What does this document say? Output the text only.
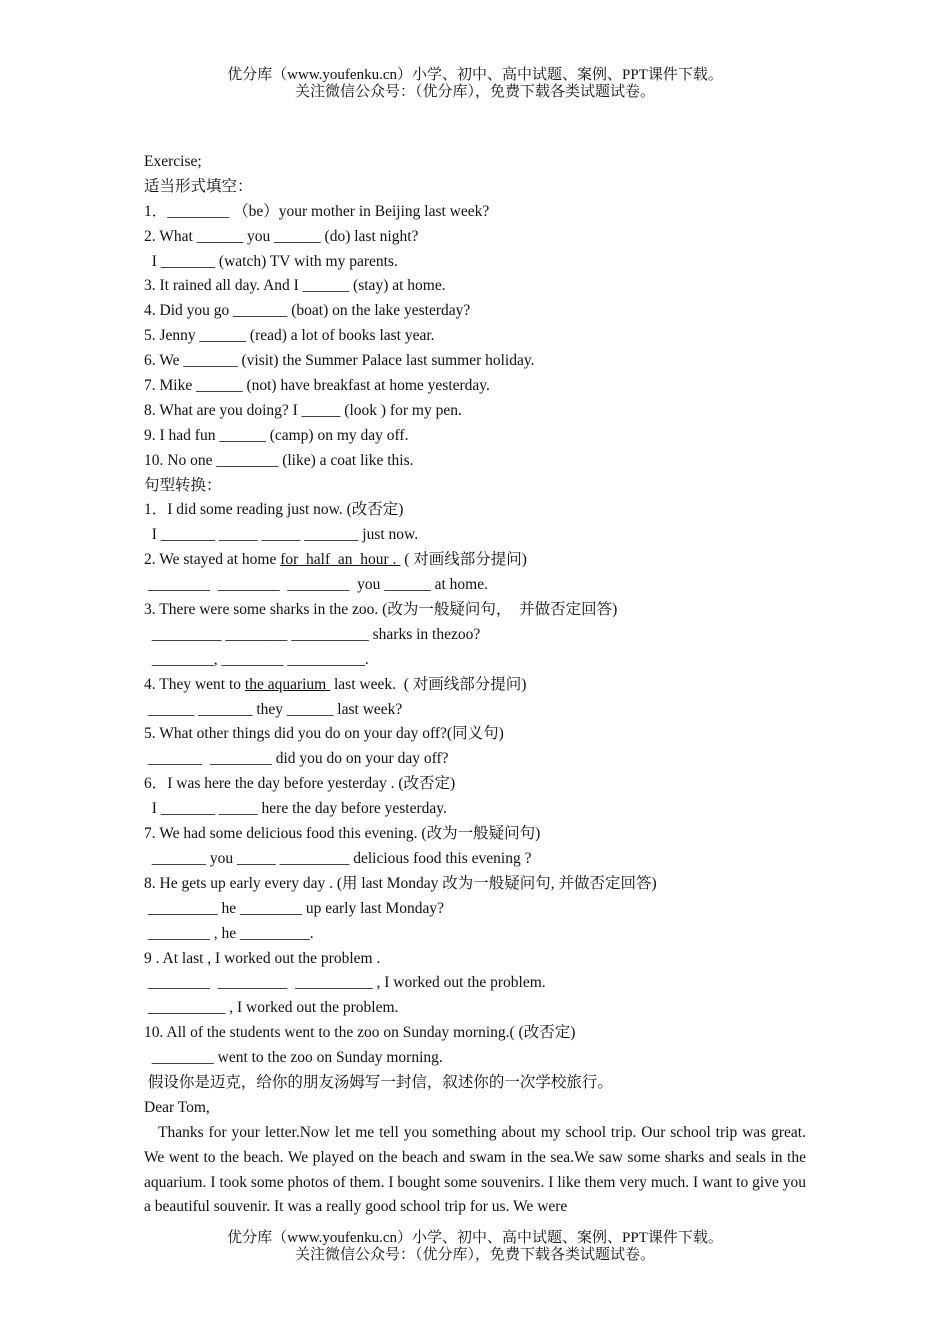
优分库（www.youfenku.cn）小学、初中、高中试题、案例、PPT课件下载。
关注微信公众号：（优分库），免费下载各类试题试卷。
Exercise;
适当形式填空：
1．________ （be）your mother in Beijing last week?
2. What ______ you ______ (do) last night?
I _______ (watch) TV with my parents.
3. It rained all day. And I ______ (stay) at home.
4. Did you go _______ (boat) on the lake yesterday?
5. Jenny ______ (read) a lot of books last year.
6. We _______ (visit) the Summer Palace last summer holiday.
7. Mike ______ (not) have breakfast at home yesterday.
8. What are you doing? I _____ (look ) for my pen.
9. I had fun ______ (camp) on my day off.
10. No one ________ (like) a coat like this.
句型转换：
1．I did some reading just now. (改否定)
I _______ _____ _____ _______ just now.
2. We stayed at home for  half  an  hour .  ( 对画线部分提问)
________  ________  ________  you ______ at home.
3. There were some sharks in the zoo. (改为一般疑问句，  并做否定回答)
_________ ________ __________ sharks in thezoo?
________, ________ __________.
4. They went to the aquarium  last week.  ( 对画线部分提问)
______ _______ they ______ last week?
5. What other things did you do on your day off?(同义句)
_______  ________ did you do on your day off?
6．I was here the day before yesterday . (改否定)
I _______ _____ here the day before yesterday.
7. We had some delicious food this evening. (改为一般疑问句)
_______ you _____ _________ delicious food this evening ?
8. He gets up early every day . (用 last Monday 改为一般疑问句, 并做否定回答)
_________ he ________ up early last Monday?
________ , he _________.
9 . At last , I worked out the problem .
________  _________  __________ , I worked out the problem.
__________ , I worked out the problem.
10. All of the students went to the zoo on Sunday morning.( (改否定)
________ went to the zoo on Sunday morning.
假设你是迈克，给你的朋友汤姆写一封信，叙述你的一次学校旅行。
Dear Tom,

Thanks for your letter.Now let me tell you something about my school trip. Our school trip was great. We went to the beach. We played on the beach and swam in the sea.We saw some sharks and seals in the aquarium. I took some photos of them. I bought some souvenirs. I like them very much. I want to give you a beautiful souvenir. It was a really good school trip for us. We were

优分库（www.youfenku.cn）小学、初中、高中试题、案例、PPT课件下载。
关注微信公众号：（优分库），免费下载各类试题试卷。
